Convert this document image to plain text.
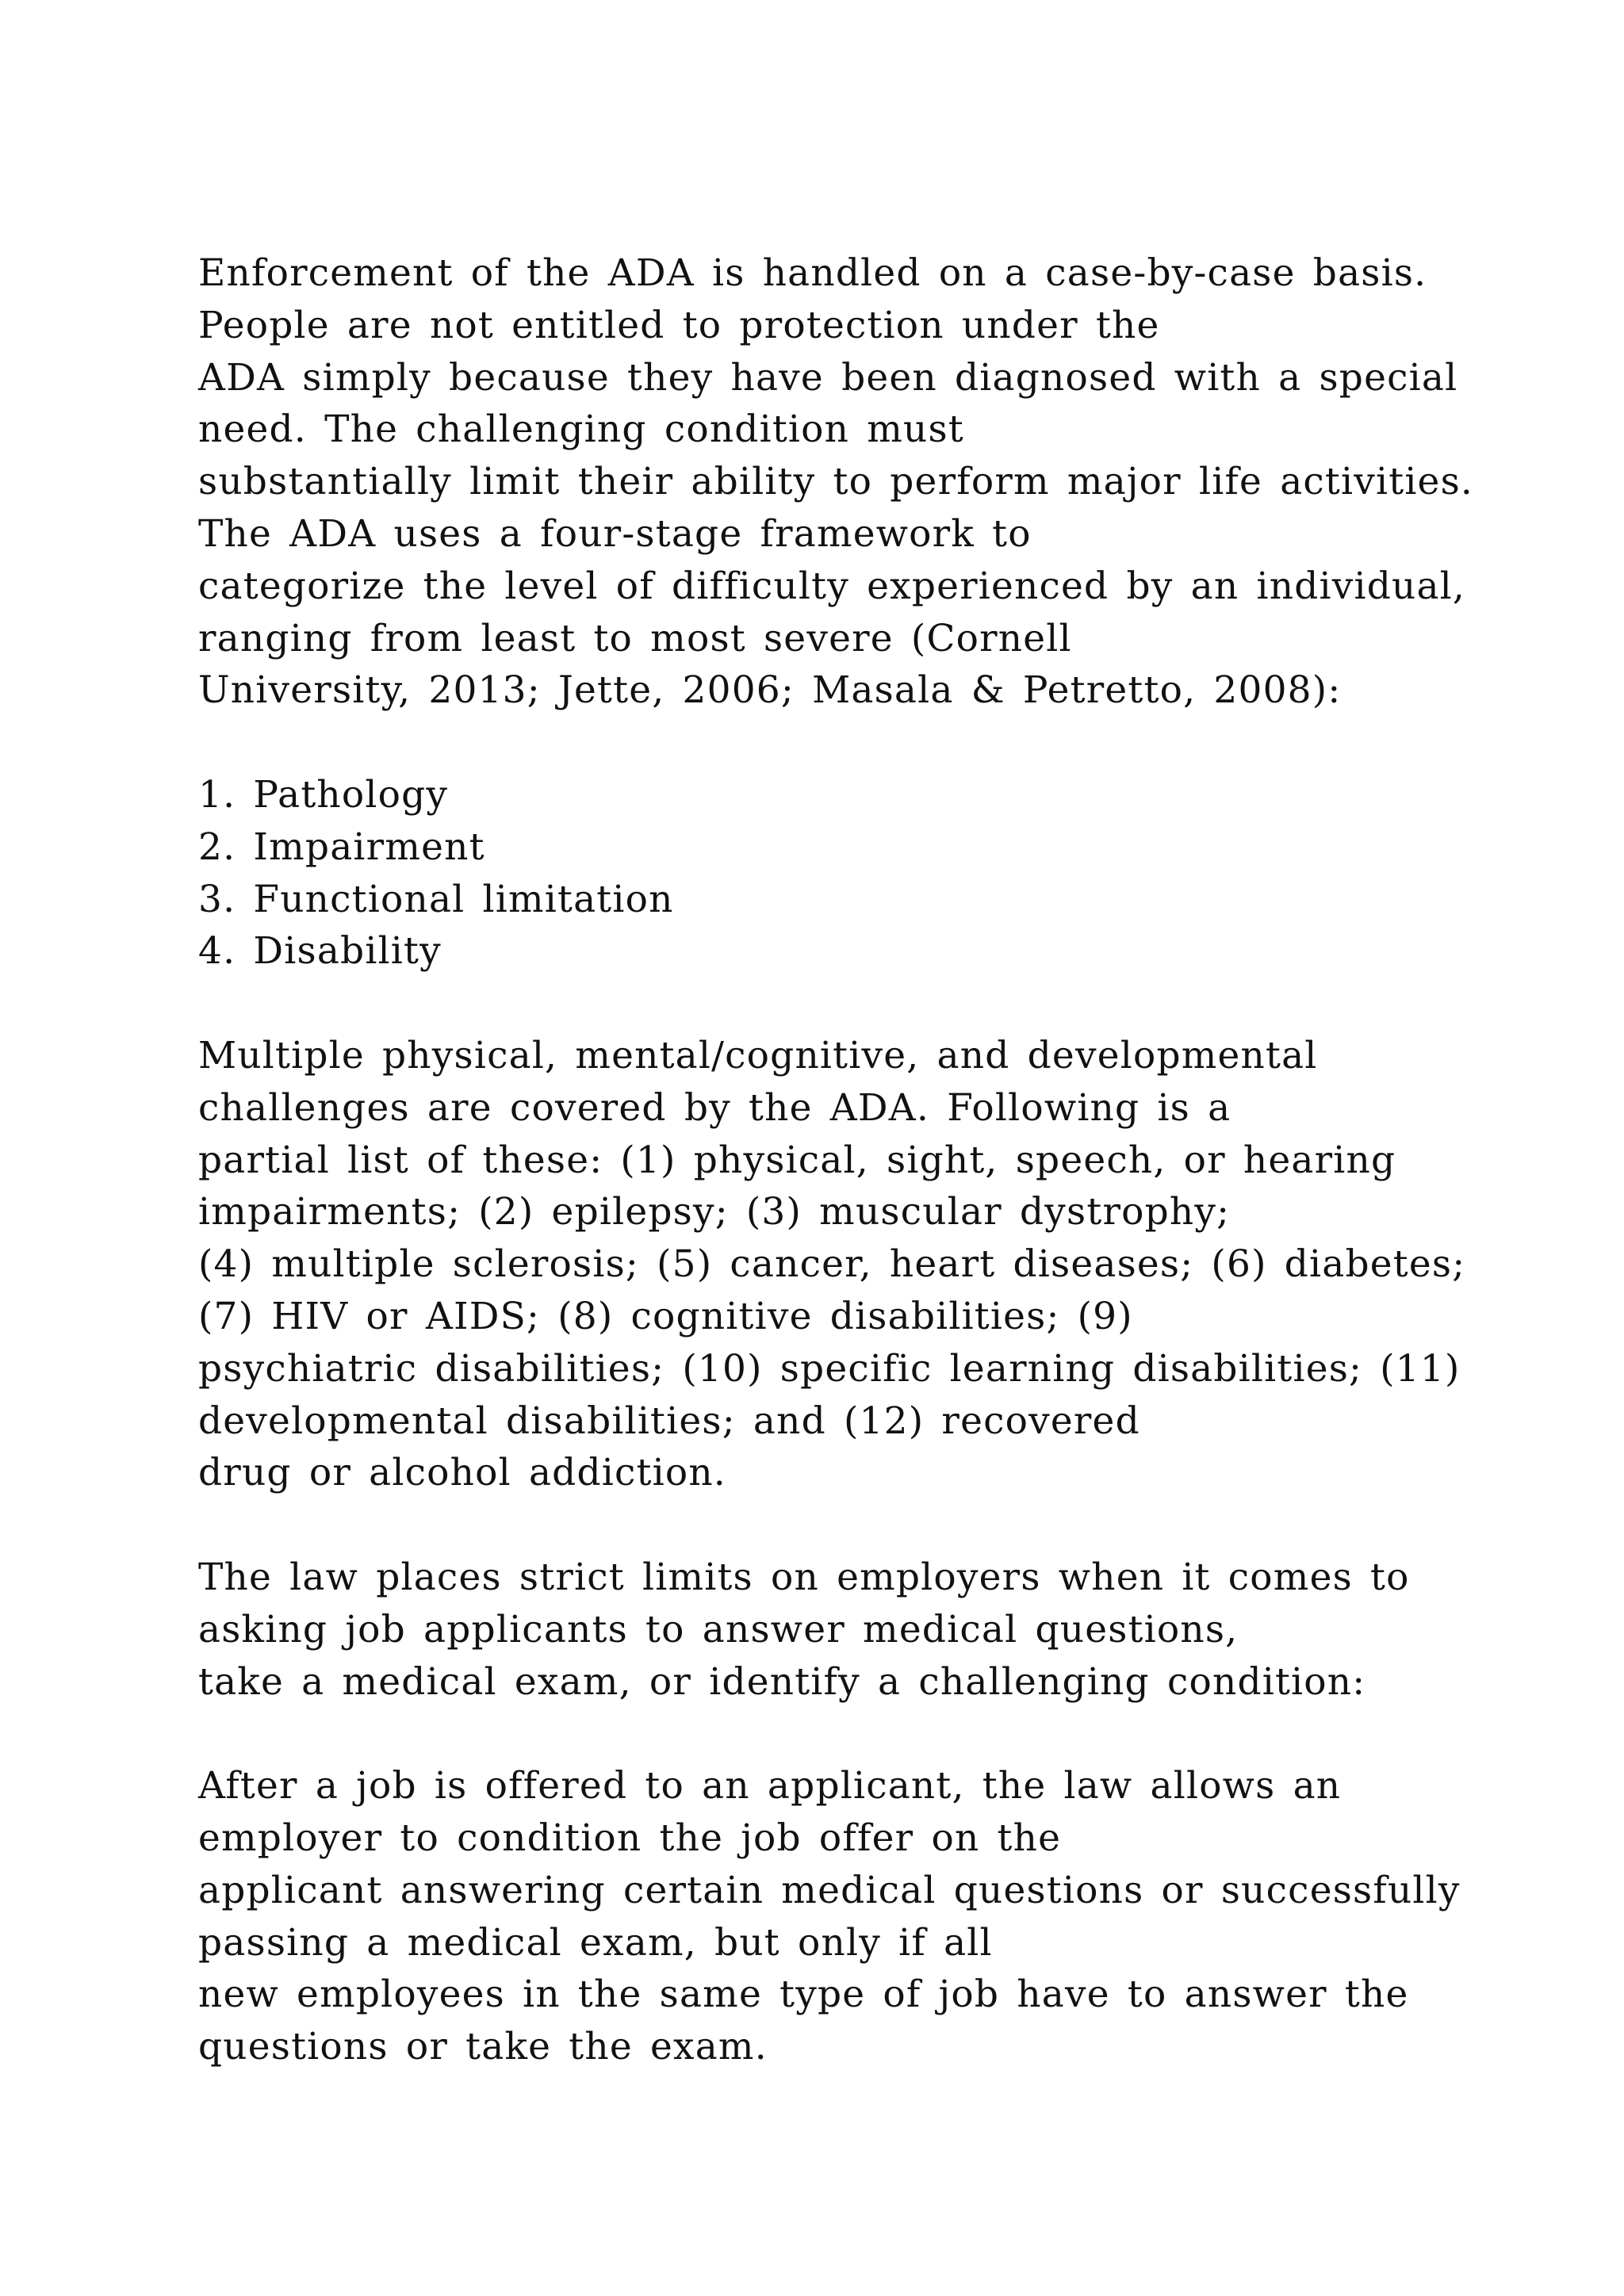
Enforcement of the ADA is handled on a case-by-case basis.
People are not entitled to protection under the
ADA simply because they have been diagnosed with a special
need. The challenging condition must
substantially limit their ability to perform major life activities.
The ADA uses a four-stage framework to
categorize the level of difficulty experienced by an individual,
ranging from least to most severe (Cornell
University, 2013; Jette, 2006; Masala & Petretto, 2008):
1. Pathology
2. Impairment
3. Functional limitation
4. Disability
Multiple physical, mental/cognitive, and developmental
challenges are covered by the ADA. Following is a
partial list of these: (1) physical, sight, speech, or hearing
impairments; (2) epilepsy; (3) muscular dystrophy;
(4) multiple sclerosis; (5) cancer, heart diseases; (6) diabetes;
(7) HIV or AIDS; (8) cognitive disabilities; (9)
psychiatric disabilities; (10) specific learning disabilities; (11)
developmental disabilities; and (12) recovered
drug or alcohol addiction.
The law places strict limits on employers when it comes to
asking job applicants to answer medical questions,
take a medical exam, or identify a challenging condition:
After a job is offered to an applicant, the law allows an
employer to condition the job offer on the
applicant answering certain medical questions or successfully
passing a medical exam, but only if all
new employees in the same type of job have to answer the
questions or take the exam.
